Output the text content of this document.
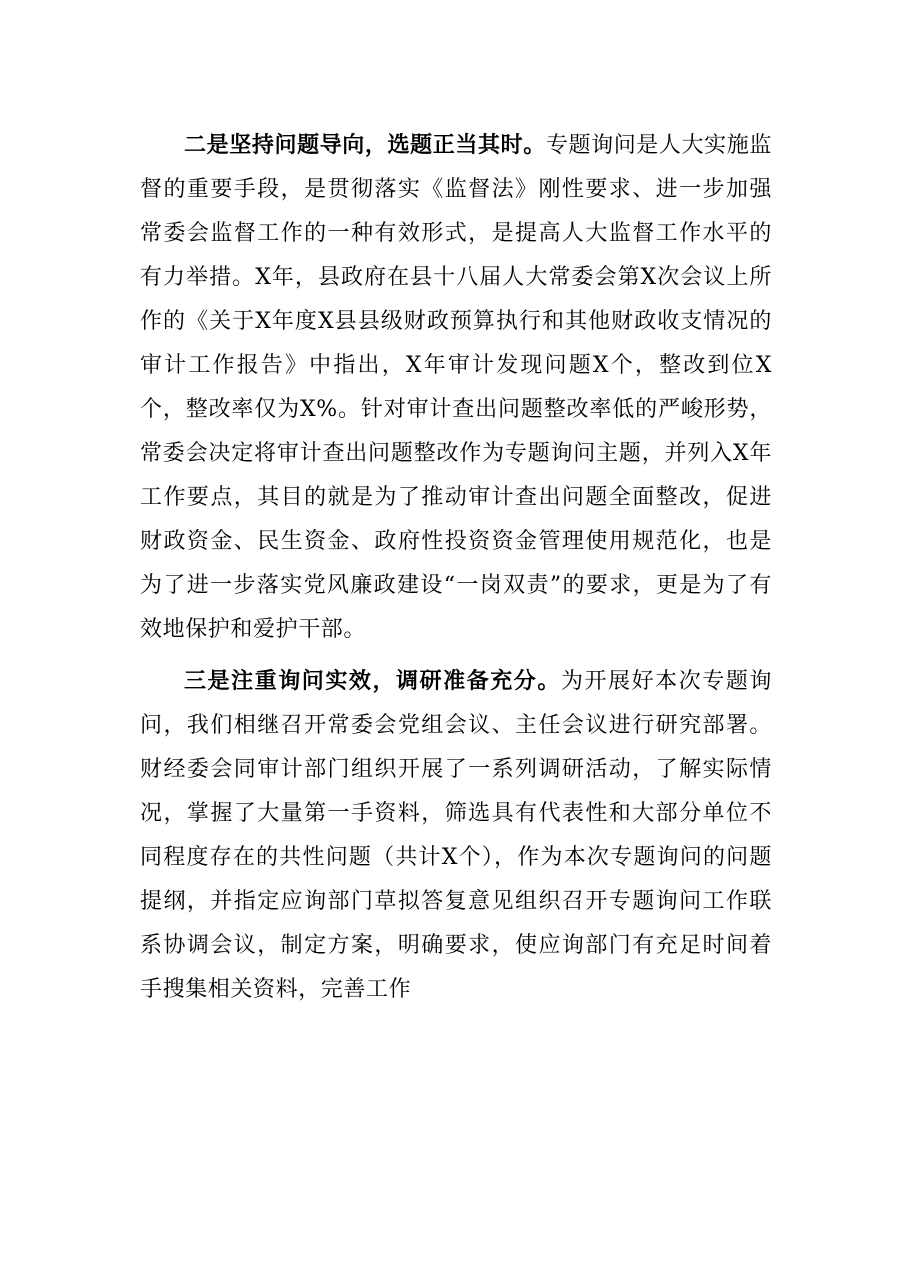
二是坚持问题导向，选题正当其时。专题询问是人大实施监督的重要手段，是贯彻落实《监督法》刚性要求、进一步加强常委会监督工作的一种有效形式，是提高人大监督工作水平的有力举措。X年，县政府在县十八届人大常委会第X次会议上所作的《关于X年度X县县级财政预算执行和其他财政收支情况的审计工作报告》中指出，X年审计发现问题X个，整改到位X个，整改率仅为X%。针对审计查出问题整改率低的严峻形势，常委会决定将审计查出问题整改作为专题询问主题，并列入X年工作要点，其目的就是为了推动审计查出问题全面整改，促进财政资金、民生资金、政府性投资资金管理使用规范化，也是为了进一步落实党风廉政建设“一岗双责”的要求，更是为了有效地保护和爱护干部。

三是注重询问实效，调研准备充分。为开展好本次专题询问，我们相继召开常委会党组会议、主任会议进行研究部署。财经委会同审计部门组织开展了一系列调研活动，了解实际情况，掌握了大量第一手资料，筛选具有代表性和大部分单位不同程度存在的共性问题（共计X个），作为本次专题询问的问题提纲，并指定应询部门草拟答复意见组织召开专题询问工作联系协调会议，制定方案，明确要求，使应询部门有充足时间着手搜集相关资料，完善工作
